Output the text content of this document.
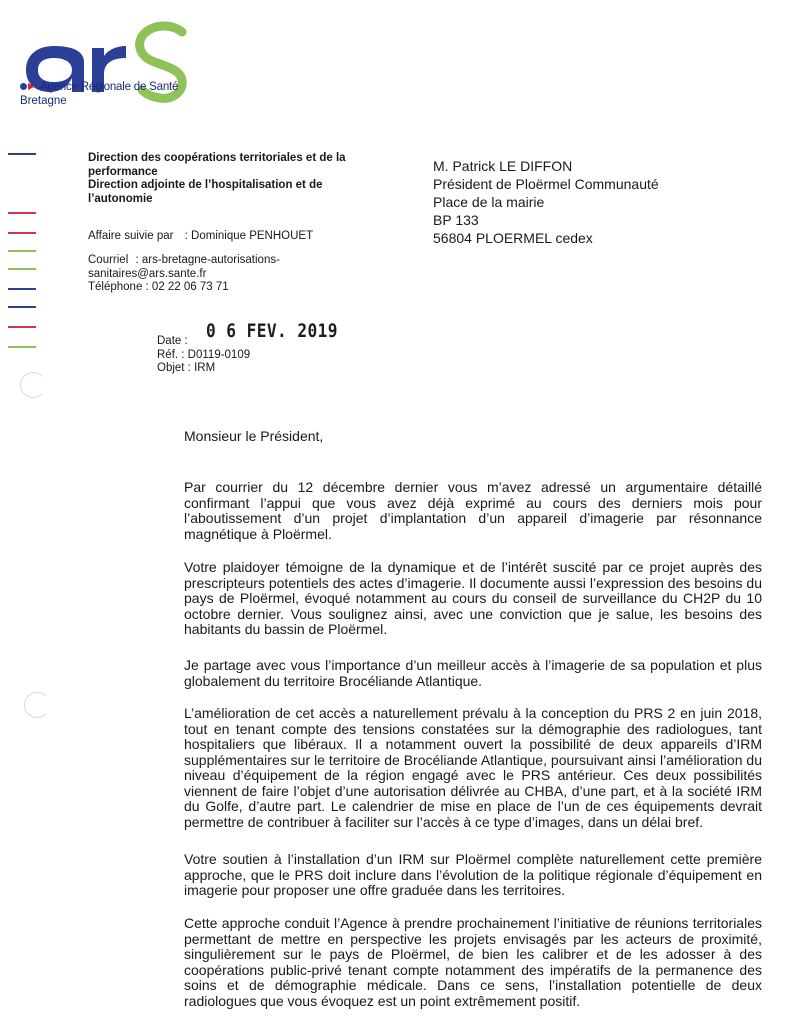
Agence Régionale de Santé
Bretagne
Direction des coopérations territoriales et de la performance
Direction adjointe de l’hospitalisation et de l’autonomie
Affaire suivie par : Dominique PENHOUET
Courriel : ars-bretagne-autorisations-
sanitaires@ars.sante.fr
Téléphone : 02 22 06 73 71
M. Patrick LE DIFFON
Président de Ploërmel Communauté
Place de la mairie
BP 133
56804 PLOERMEL cedex
0 6 FEV. 2019
Date :
Réf. : D0119-0109
Objet : IRM
Monsieur le Président,
Par courrier du 12 décembre dernier vous m’avez adressé un argumentaire détaillé confirmant l’appui que vous avez déjà exprimé au cours des derniers mois pour l’aboutissement d’un projet d’implantation d’un appareil d’imagerie par résonnance magnétique à Ploërmel.
Votre plaidoyer témoigne de la dynamique et de l’intérêt suscité par ce projet auprès des prescripteurs potentiels des actes d’imagerie. Il documente aussi l’expression des besoins du pays de Ploërmel, évoqué notamment au cours du conseil de surveillance du CH2P du 10 octobre dernier. Vous soulignez ainsi, avec une conviction que je salue, les besoins des habitants du bassin de Ploërmel.
Je partage avec vous l’importance d’un meilleur accès à l’imagerie de sa population et plus globalement du territoire Brocéliande Atlantique.
L’amélioration de cet accès a naturellement prévalu à la conception du PRS 2 en juin 2018, tout en tenant compte des tensions constatées sur la démographie des radiologues, tant hospitaliers que libéraux. Il a notamment ouvert la possibilité de deux appareils d’IRM supplémentaires sur le territoire de Brocéliande Atlantique, poursuivant ainsi l’amélioration du niveau d’équipement de la région engagé avec le PRS antérieur. Ces deux possibilités viennent de faire l’objet d’une autorisation délivrée au CHBA, d’une part, et à la société IRM du Golfe, d’autre part. Le calendrier de mise en place de l’un de ces équipements devrait permettre de contribuer à faciliter sur l’accès à ce type d’images, dans un délai bref.
Votre soutien à l’installation d’un IRM sur Ploërmel complète naturellement cette première approche, que le PRS doit inclure dans l’évolution de la politique régionale d’équipement en imagerie pour proposer une offre graduée dans les territoires.
Cette approche conduit l’Agence à prendre prochainement l’initiative de réunions territoriales permettant de mettre en perspective les projets envisagés par les acteurs de proximité, singulièrement sur le pays de Ploërmel, de bien les calibrer et de les adosser à des coopérations public-privé tenant compte notamment des impératifs de la permanence des soins et de démographie médicale. Dans ce sens, l’installation potentielle de deux radiologues que vous évoquez est un point extrêmement positif.
